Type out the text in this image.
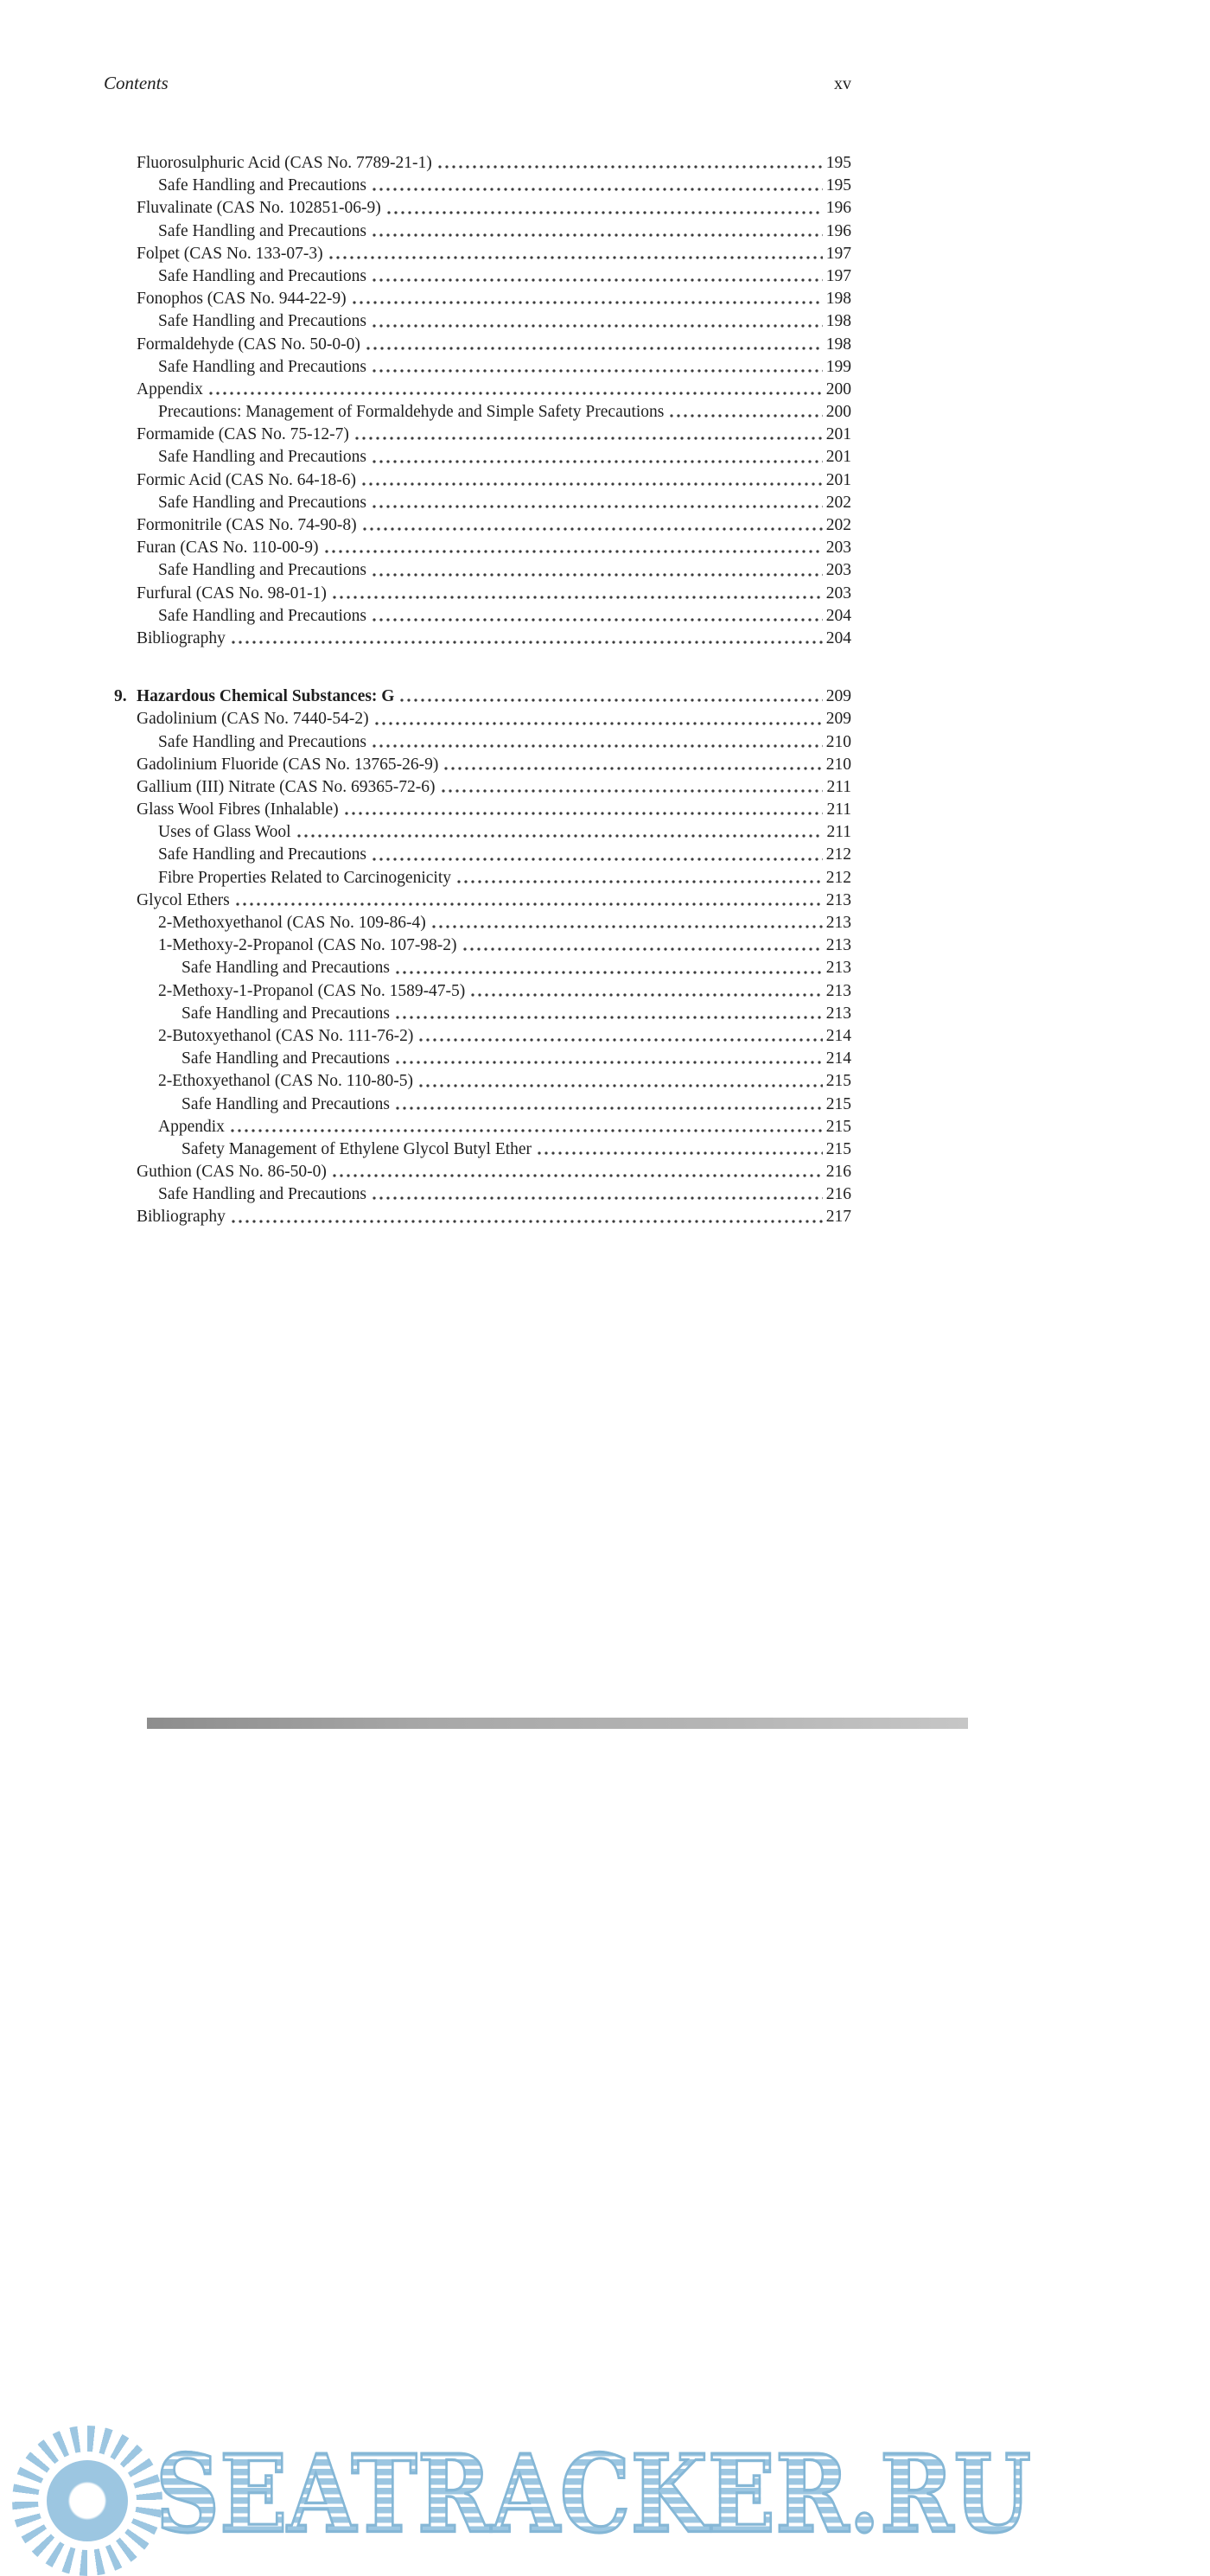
Contents	xv
Fluorosulphuric Acid (CAS No. 7789-21-1)	195
Safe Handling and Precautions	195
Fluvalinate (CAS No. 102851-06-9)	196
Safe Handling and Precautions	196
Folpet (CAS No. 133-07-3)	197
Safe Handling and Precautions	197
Fonophos (CAS No. 944-22-9)	198
Safe Handling and Precautions	198
Formaldehyde (CAS No. 50-0-0)	198
Safe Handling and Precautions	199
Appendix	200
Precautions: Management of Formaldehyde and Simple Safety Precautions	200
Formamide (CAS No. 75-12-7)	201
Safe Handling and Precautions	201
Formic Acid (CAS No. 64-18-6)	201
Safe Handling and Precautions	202
Formonitrile (CAS No. 74-90-8)	202
Furan (CAS No. 110-00-9)	203
Safe Handling and Precautions	203
Furfural (CAS No. 98-01-1)	203
Safe Handling and Precautions	204
Bibliography	204
9. Hazardous Chemical Substances: G	209
Gadolinium (CAS No. 7440-54-2)	209
Safe Handling and Precautions	210
Gadolinium Fluoride (CAS No. 13765-26-9)	210
Gallium (III) Nitrate (CAS No. 69365-72-6)	211
Glass Wool Fibres (Inhalable)	211
Uses of Glass Wool	211
Safe Handling and Precautions	212
Fibre Properties Related to Carcinogenicity	212
Glycol Ethers	213
2-Methoxyethanol (CAS No. 109-86-4)	213
1-Methoxy-2-Propanol (CAS No. 107-98-2)	213
Safe Handling and Precautions	213
2-Methoxy-1-Propanol (CAS No. 1589-47-5)	213
Safe Handling and Precautions	213
2-Butoxyethanol (CAS No. 111-76-2)	214
Safe Handling and Precautions	214
2-Ethoxyethanol (CAS No. 110-80-5)	215
Safe Handling and Precautions	215
Appendix	215
Safety Management of Ethylene Glycol Butyl Ether	215
Guthion (CAS No. 86-50-0)	216
Safe Handling and Precautions	216
Bibliography	217
SEATRACKER.RU
